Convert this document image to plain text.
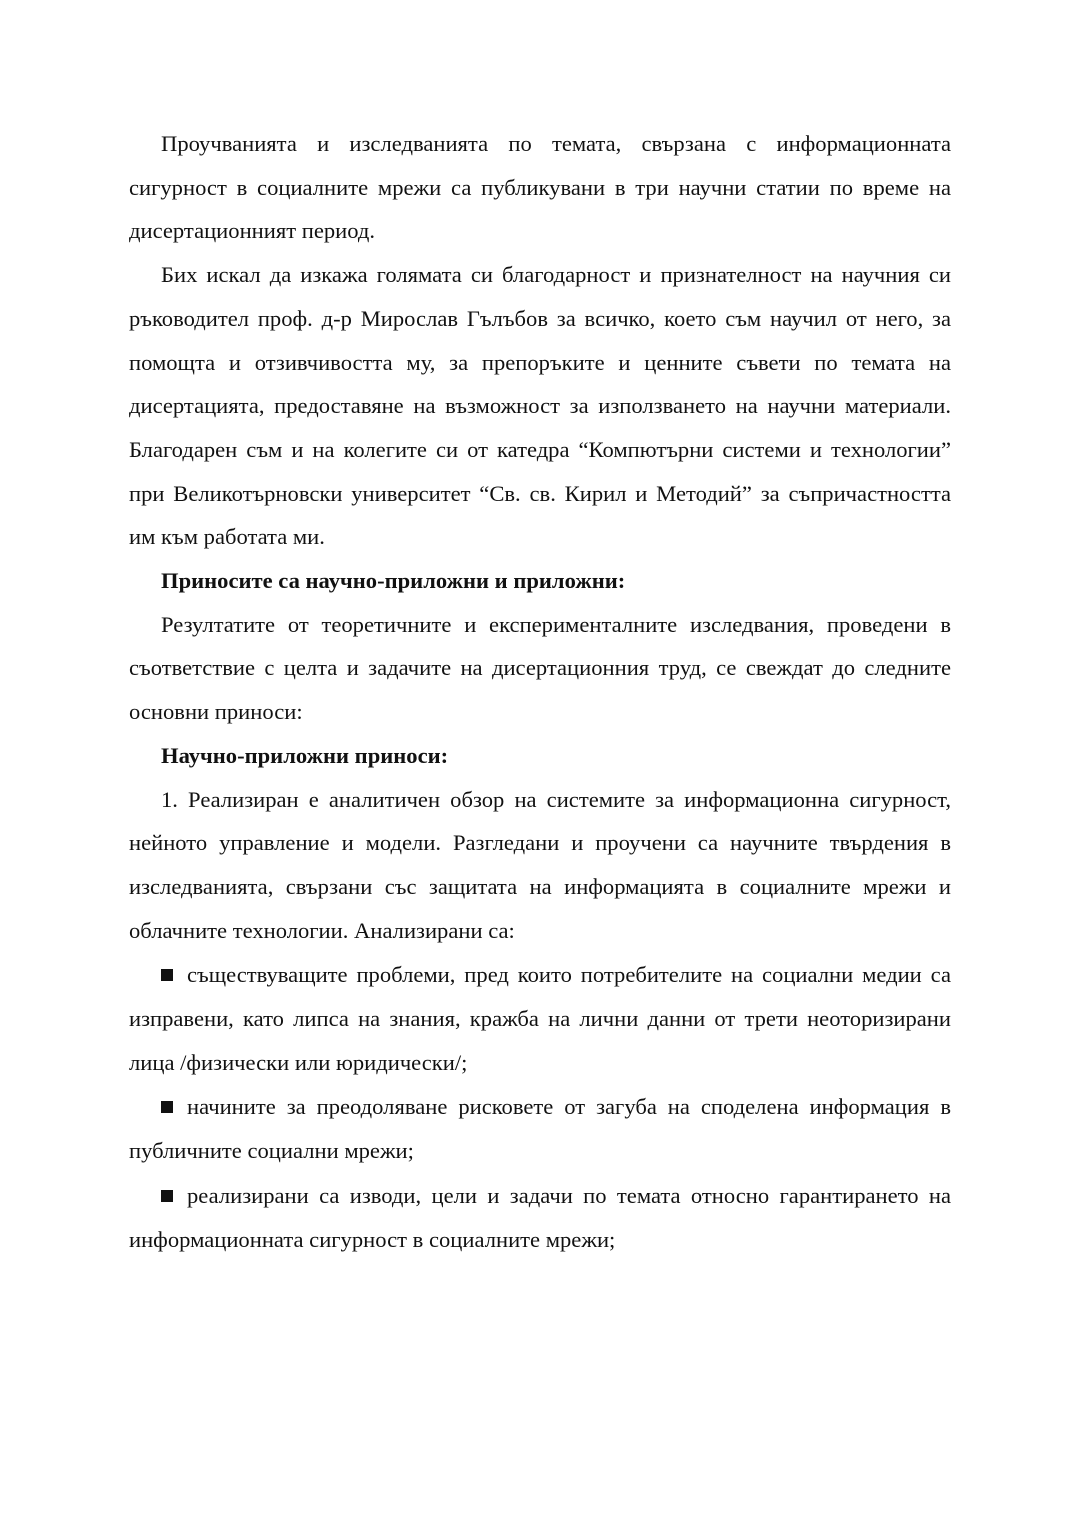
Проучванията и изследванията по темата, свързана с информационната сигурност в социалните мрежи са публикувани в три научни статии по време на дисертационният период.

Бих искал да изкажа голямата си благодарност и признателност на научния си ръководител проф. д-р Мирослав Гълъбов за всичко, което съм научил от него, за помощта и отзивчивостта му, за препоръките и ценните съвети по темата на дисертацията, предоставяне на възможност за използването на научни материали. Благодарен съм и на колегите си от катедра “Компютърни системи и технологии” при Великотърновски университет “Св. св. Кирил и Методий” за съпричастността им към работата ми.

Приносите са научно-приложни и приложни:

Резултатите от теоретичните и експерименталните изследвания, проведени в съответствие с целта и задачите на дисертационния труд, се свеждат до следните основни приноси:

Научно-приложни приноси:

1. Реализиран е аналитичен обзор на системите за информационна сигурност, нейното управление и модели. Разгледани и проучени са научните твърдения в изследванията, свързани със защитата на информацията в социалните мрежи и облачните технологии. Анализирани са:

съществуващите проблеми, пред които потребителите на социални медии са изправени, като липса на знания, кражба на лични данни от трети неоторизирани лица /физически или юридически/;

начините за преодоляване рисковете от загуба на споделена информация в публичните социални мрежи;

реализирани са изводи, цели и задачи по темата относно гарантирането на информационната сигурност в социалните мрежи;
